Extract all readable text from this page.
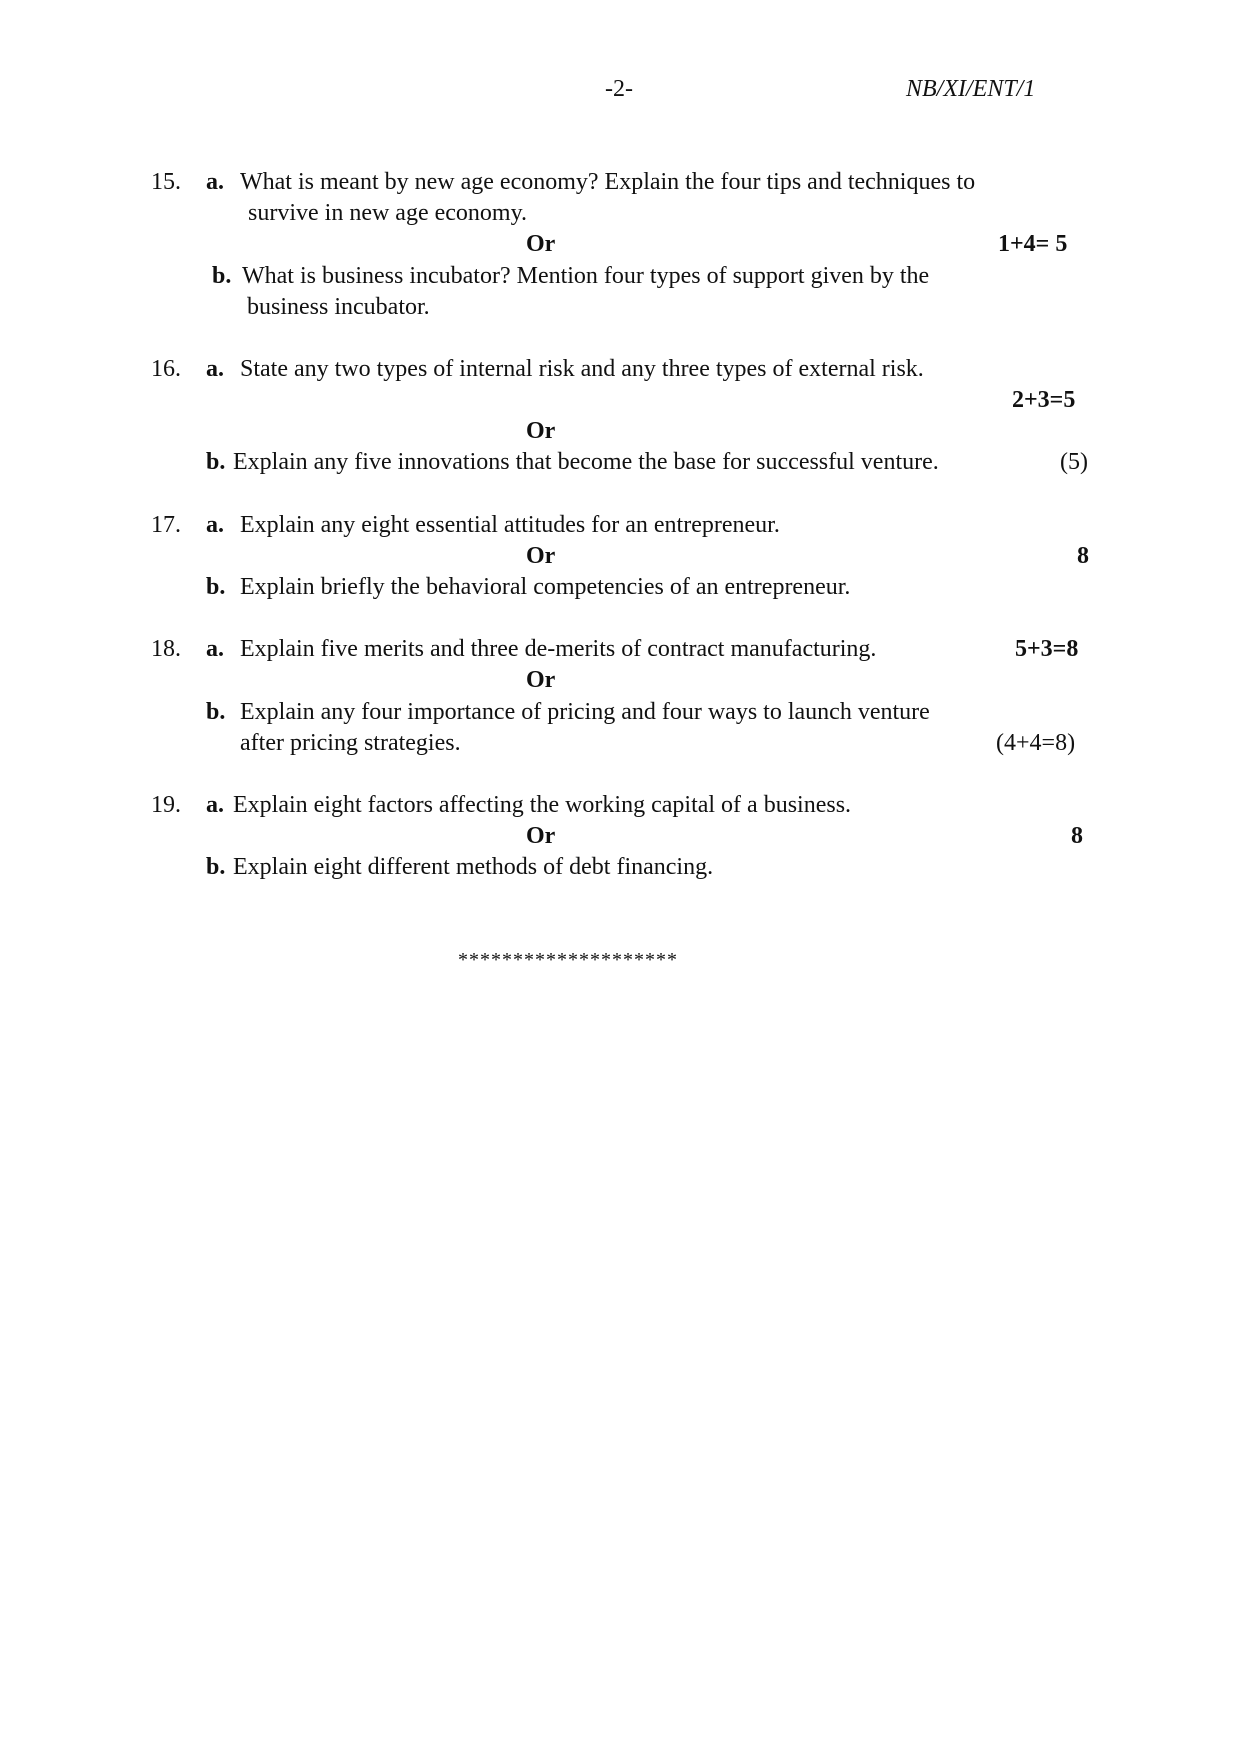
-2-	NB/XI/ENT/1
15. a. What is meant by new age economy? Explain the four tips and techniques to
survive in new age economy.
Or	1+4= 5
b. What is business incubator? Mention four types of support given by the
business incubator.
16. a. State any two types of internal risk and any three types of external risk.
2+3=5
Or
b. Explain any five innovations that become the base for successful venture.	(5)
17. a. Explain any eight essential attitudes for an entrepreneur.
Or	8
b. Explain briefly the behavioral competencies of an entrepreneur.
18. a. Explain five merits and three de-merits of contract manufacturing.	5+3=8
Or
b. Explain any four importance of pricing and four ways to launch venture
after pricing strategies.	(4+4=8)
19. a. Explain eight factors affecting the working capital of a business.
Or	8
b. Explain eight different methods of debt financing.
********************
